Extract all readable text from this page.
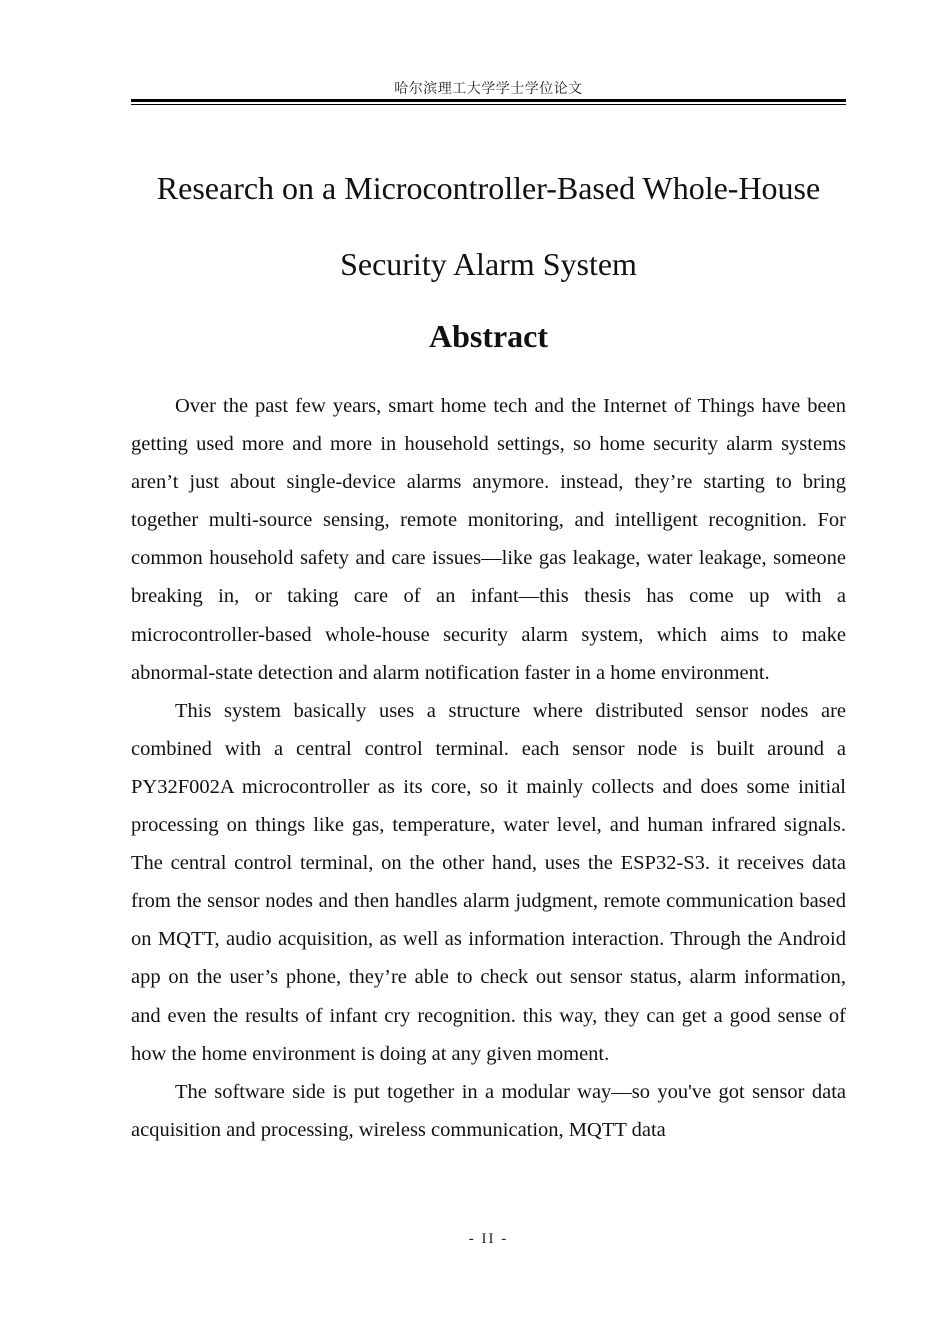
哈尔滨理工大学学士学位论文
Research on a Microcontroller-Based Whole-House
Security Alarm System
Abstract

Over the past few years, smart home tech and the Internet of Things have been getting used more and more in household settings, so home security alarm systems aren’t just about single-device alarms anymore. instead, they’re starting to bring together multi-source sensing, remote monitoring, and intelligent recognition. For common household safety and care issues—like gas leakage, water leakage, someone breaking in, or taking care of an infant—this thesis has come up with a microcontroller-based whole-house security alarm system, which aims to make abnormal-state detection and alarm notification faster in a home environment.

This system basically uses a structure where distributed sensor nodes are combined with a central control terminal. each sensor node is built around a PY32F002A microcontroller as its core, so it mainly collects and does some initial processing on things like gas, temperature, water level, and human infrared signals. The central control terminal, on the other hand, uses the ESP32-S3. it receives data from the sensor nodes and then handles alarm judgment, remote communication based on MQTT, audio acquisition, as well as information interaction. Through the Android app on the user’s phone, they’re able to check out sensor status, alarm information, and even the results of infant cry recognition. this way, they can get a good sense of how the home environment is doing at any given moment.

The software side is put together in a modular way—so you've got sensor data acquisition and processing, wireless communication, MQTT data

- II -
